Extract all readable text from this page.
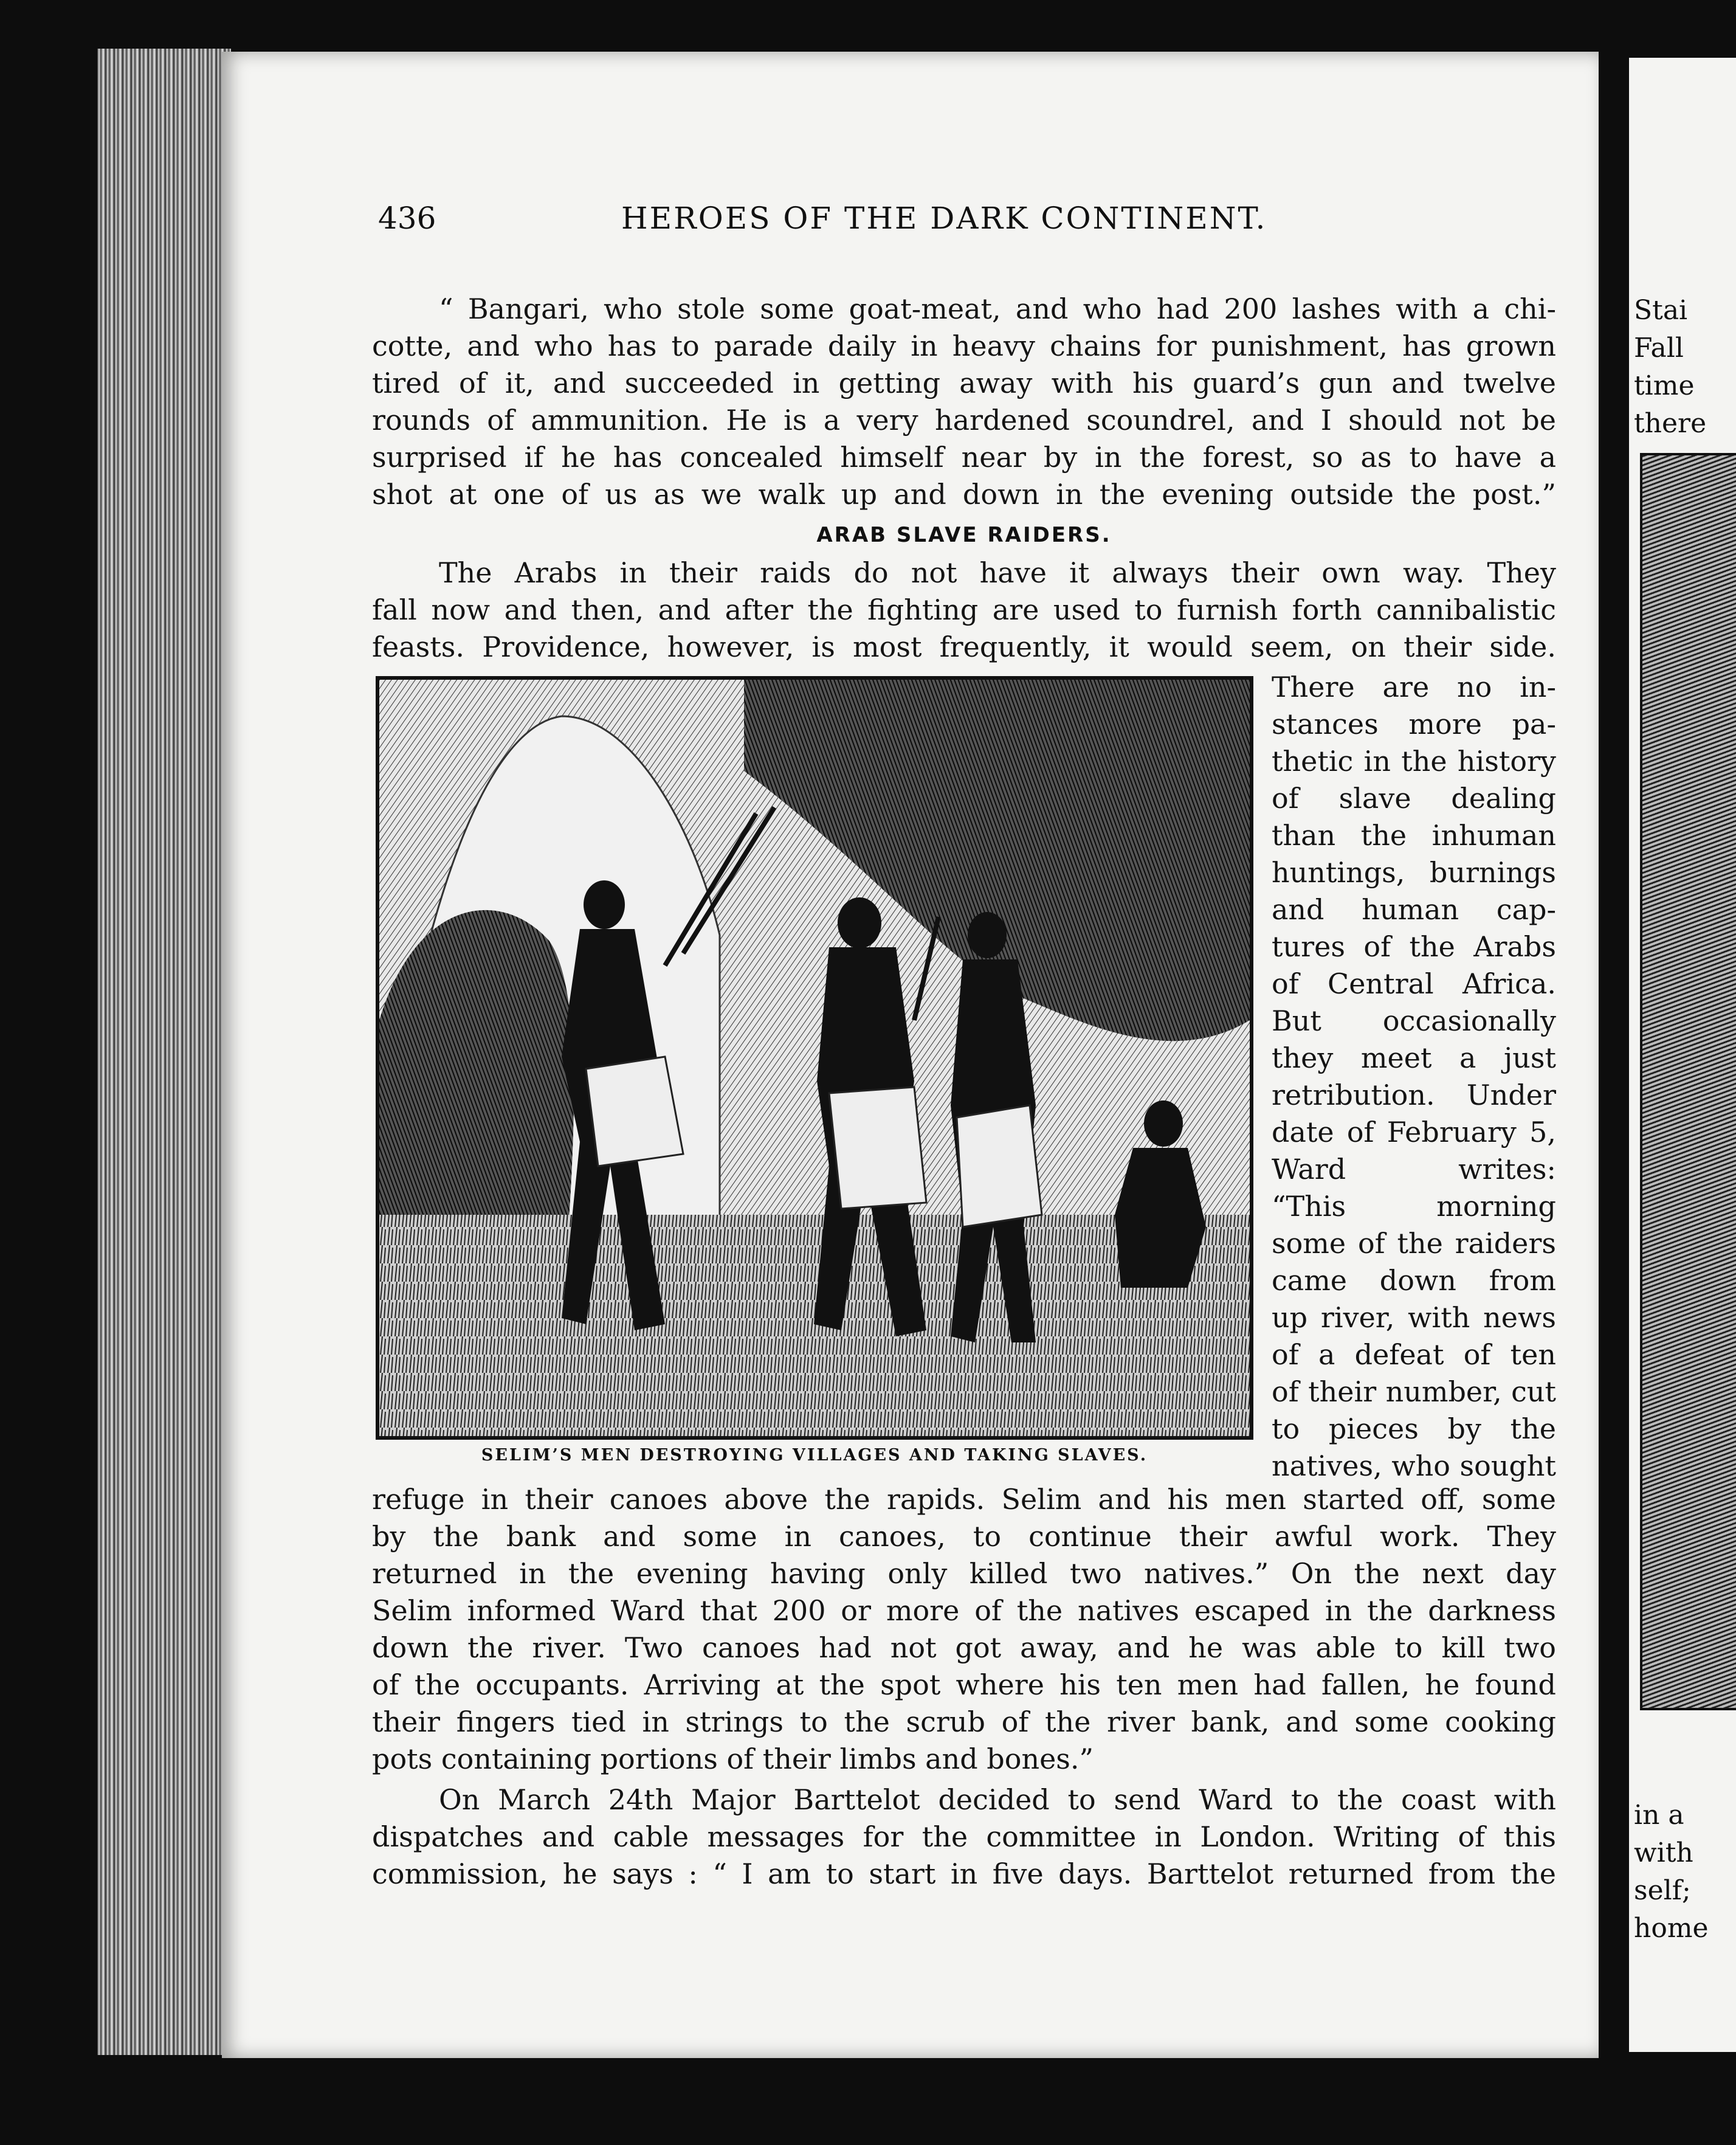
Stai
Fall
time
there
in a
with
self;
home
436	HEROES OF THE DARK CONTINENT.
“ Bangari, who stole some goat-meat, and who had 200 lashes with a chi-
cotte, and who has to parade daily in heavy chains for punishment, has grown
tired of it, and succeeded in getting away with his guard’s gun and twelve
rounds of ammunition. He is a very hardened scoundrel, and I should not be
surprised if he has concealed himself near by in the forest, so as to have a
shot at one of us as we walk up and down in the evening outside the post.”
ARAB SLAVE RAIDERS.
The Arabs in their raids do not have it always their own way. They
fall now and then, and after the fighting are used to furnish forth cannibalistic
feasts. Providence, however, is most frequently, it would seem, on their side.
SELIM’S MEN DESTROYING VILLAGES AND TAKING SLAVES.
There are no in-
stances more pa-
thetic in the history
of slave dealing
than the inhuman
huntings, burnings
and human cap-
tures of the Arabs
of Central Africa.
But occasionally
they meet a just
retribution. Under
date of February 5,
Ward writes:
“This morning
some of the raiders
came down from
up river, with news
of a defeat of ten
of their number, cut
to pieces by the
natives, who sought
refuge in their canoes above the rapids. Selim and his men started off, some
by the bank and some in canoes, to continue their awful work. They
returned in the evening having only killed two natives.” On the next day
Selim informed Ward that 200 or more of the natives escaped in the darkness
down the river. Two canoes had not got away, and he was able to kill two
of the occupants. Arriving at the spot where his ten men had fallen, he found
their fingers tied in strings to the scrub of the river bank, and some cooking
pots containing portions of their limbs and bones.”
On March 24th Major Barttelot decided to send Ward to the coast with
dispatches and cable messages for the committee in London. Writing of this
commission, he says : “ I am to start in five days. Barttelot returned from the
